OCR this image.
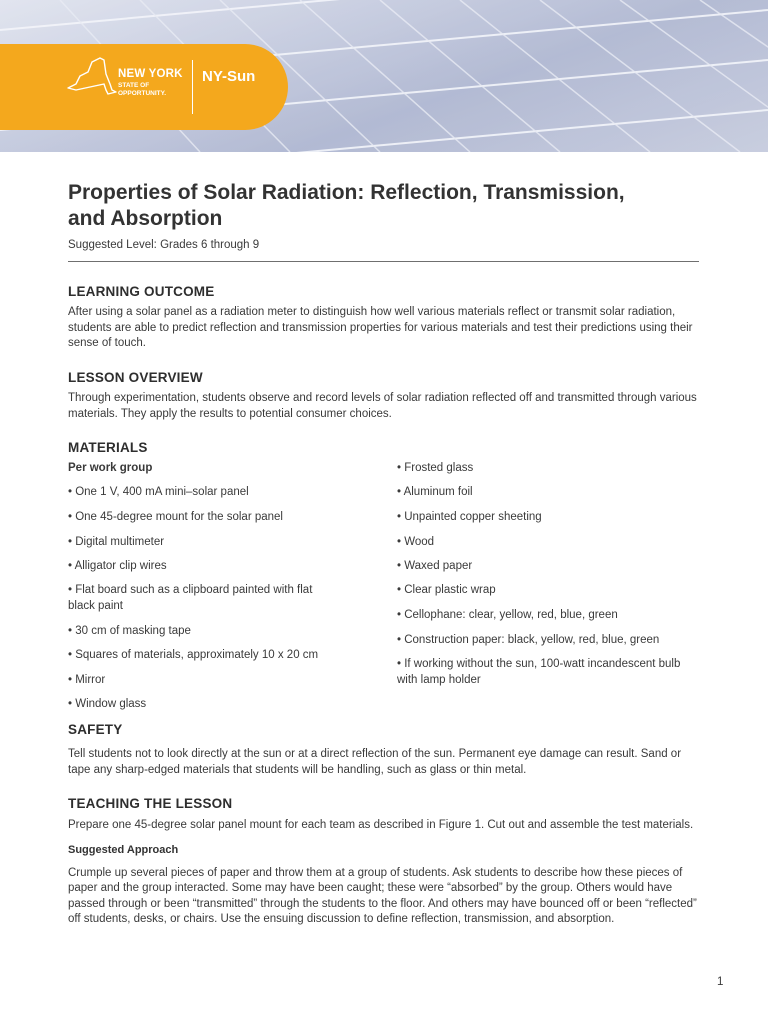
NEW YORK
STATE OF OPPORTUNITY.
NY-Sun
Properties of Solar Radiation: Reflection, Transmission,
and Absorption
Suggested Level: Grades 6 through 9
LEARNING OUTCOME

After using a solar panel as a radiation meter to distinguish how well various materials reflect or transmit solar radiation, students are able to predict reflection and transmission properties for various materials and test their predictions using their sense of touch.

LESSON OVERVIEW

Through experimentation, students observe and record levels of solar radiation reflected off and transmitted through various materials. They apply the results to potential consumer choices.

MATERIALS
Per work group
• One 1 V, 400 mA mini–solar panel
• One 45-degree mount for the solar panel
• Digital multimeter
• Alligator clip wires
• Flat board such as a clipboard painted with flat black paint
• 30 cm of masking tape
• Squares of materials, approximately 10 x 20 cm
• Mirror
• Window glass
• Frosted glass
• Aluminum foil
• Unpainted copper sheeting
• Wood
• Waxed paper
• Clear plastic wrap
• Cellophane: clear, yellow, red, blue, green
• Construction paper: black, yellow, red, blue, green
• If working without the sun, 100-watt incandescent bulb with lamp holder
SAFETY

Tell students not to look directly at the sun or at a direct reflection of the sun. Permanent eye damage can result. Sand or tape any sharp-edged materials that students will be handling, such as glass or thin metal.

TEACHING THE LESSON

Prepare one 45-degree solar panel mount for each team as described in Figure 1. Cut out and assemble the test materials.

Suggested Approach

Crumple up several pieces of paper and throw them at a group of students. Ask students to describe how these pieces of paper and the group interacted. Some may have been caught; these were “absorbed” by the group. Others would have passed through or been “transmitted” through the students to the floor. And others may have bounced off or been “reflected” off students, desks, or chairs. Use the ensuing discussion to define reflection, transmission, and absorption.

1
